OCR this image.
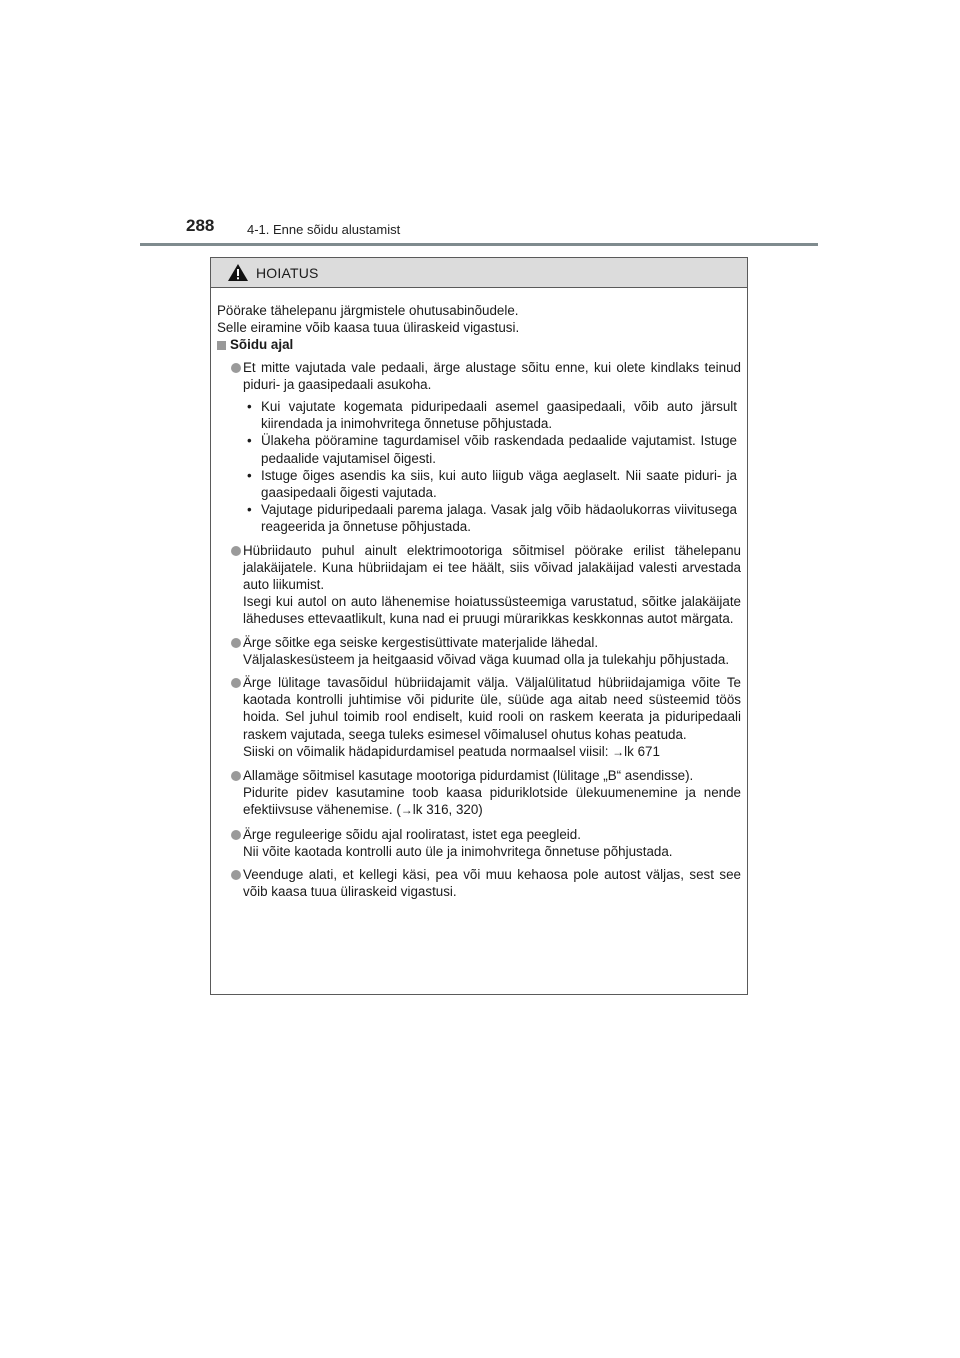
288	4-1. Enne sõidu alustamist
HOIATUS

Pöörake tähelepanu järgmistele ohutusabinõudele.
Selle eiramine võib kaasa tuua üliraskeid vigastusi.

Sõidu ajal

Et mitte vajutada vale pedaali, ärge alustage sõitu enne, kui olete kindlaks teinud piduri- ja gaasipedaali asukoha.

• Kui vajutate kogemata piduripedaali asemel gaasipedaali, võib auto järsult kiirendada ja inimohvritega õnnetuse põhjustada.
• Ülakeha pööramine tagurdamisel võib raskendada pedaalide vajutamist. Istuge pedaalide vajutamisel õigesti.
• Istuge õiges asendis ka siis, kui auto liigub väga aeglaselt. Nii saate piduri- ja gaasipedaali õigesti vajutada.
• Vajutage piduripedaali parema jalaga. Vasak jalg võib hädaolukorras viivitusega reageerida ja õnnetuse põhjustada.
Hübriidauto puhul ainult elektrimootoriga sõitmisel pöörake erilist tähelepanu jalakäijatele. Kuna hübriidajam ei tee häält, siis võivad jalakäijad valesti arvestada auto liikumist.
Isegi kui autol on auto lähenemise hoiatussüsteemiga varustatud, sõitke jalakäijate läheduses ettevaatlikult, kuna nad ei pruugi mürarikkas keskkonnas autot märgata.
Ärge sõitke ega seiske kergestisüttivate materjalide lähedal.
Väljalaskesüsteem ja heitgaasid võivad väga kuumad olla ja tulekahju põhjustada.
Ärge lülitage tavasõidul hübriidajamit välja. Väljalülitatud hübriidajamiga võite Te kaotada kontrolli juhtimise või pidurite üle, süüde aga aitab need süsteemid töös hoida. Sel juhul toimib rool endiselt, kuid rooli on raskem keerata ja piduripedaali raskem vajutada, seega tuleks esimesel võimalusel ohutus kohas peatuda.
Siiski on võimalik hädapidurdamisel peatuda normaalsel viisil: →lk 671
Allamäge sõitmisel kasutage mootoriga pidurdamist (lülitage „B“ asendisse).
Pidurite pidev kasutamine toob kaasa piduriklotside ülekuumenemine ja nende efektiivsuse vähenemise. (→lk 316, 320)
Ärge reguleerige sõidu ajal rooliratast, istet ega peegleid.
Nii võite kaotada kontrolli auto üle ja inimohvritega õnnetuse põhjustada.
Veenduge alati, et kellegi käsi, pea või muu kehaosa pole autost väljas, sest see võib kaasa tuua üliraskeid vigastusi.
